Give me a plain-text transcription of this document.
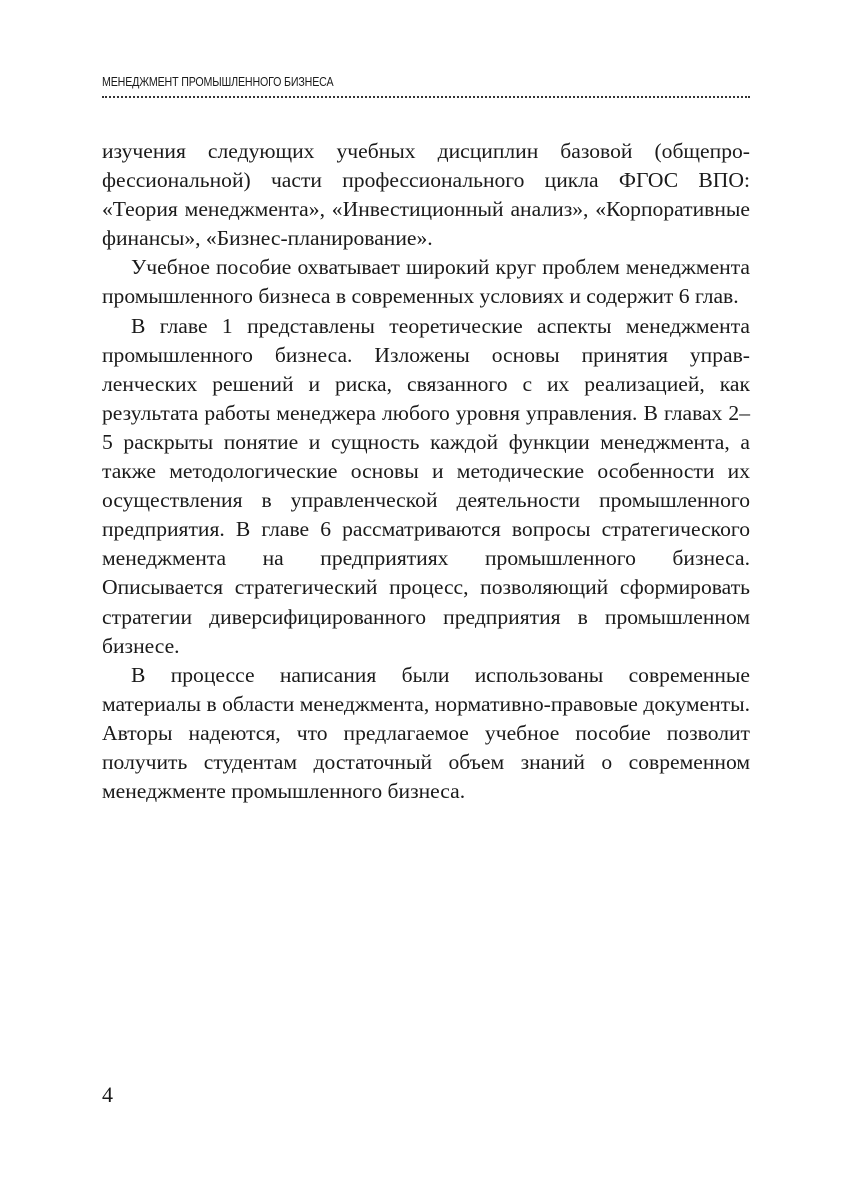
МЕНЕДЖМЕНТ ПРОМЫШЛЕННОГО БИЗНЕСА

изучения следующих учебных дисциплин базовой (общепрофессиональной) части профессионального цикла ФГОС ВПО: «Теория менеджмента», «Инвестиционный анализ», «Корпоративные финансы», «Бизнес-планирование».

Учебное пособие охватывает широкий круг проблем менеджмента промышленного бизнеса в современных условиях и содержит 6 глав.

В главе 1 представлены теоретические аспекты менеджмента промышленного бизнеса. Изложены основы принятия управленческих решений и риска, связанного с их реализацией, как результата работы менеджера любого уровня управления. В главах 2–5 раскрыты понятие и сущность каждой функции менеджмента, а также методологические основы и методические особенности их осуществления в управленческой деятельности промышленного предприятия. В главе 6 рассматриваются вопросы стратегического менеджмента на предприятиях промышленного бизнеса. Описывается стратегический процесс, позволяющий сформировать стратегии диверсифицированного предприятия в промышленном бизнесе.

В процессе написания были использованы современные материалы в области менеджмента, нормативно-правовые документы. Авторы надеются, что предлагаемое учебное пособие позволит получить студентам достаточный объем знаний о современном менеджменте промышленного бизнеса.

4
